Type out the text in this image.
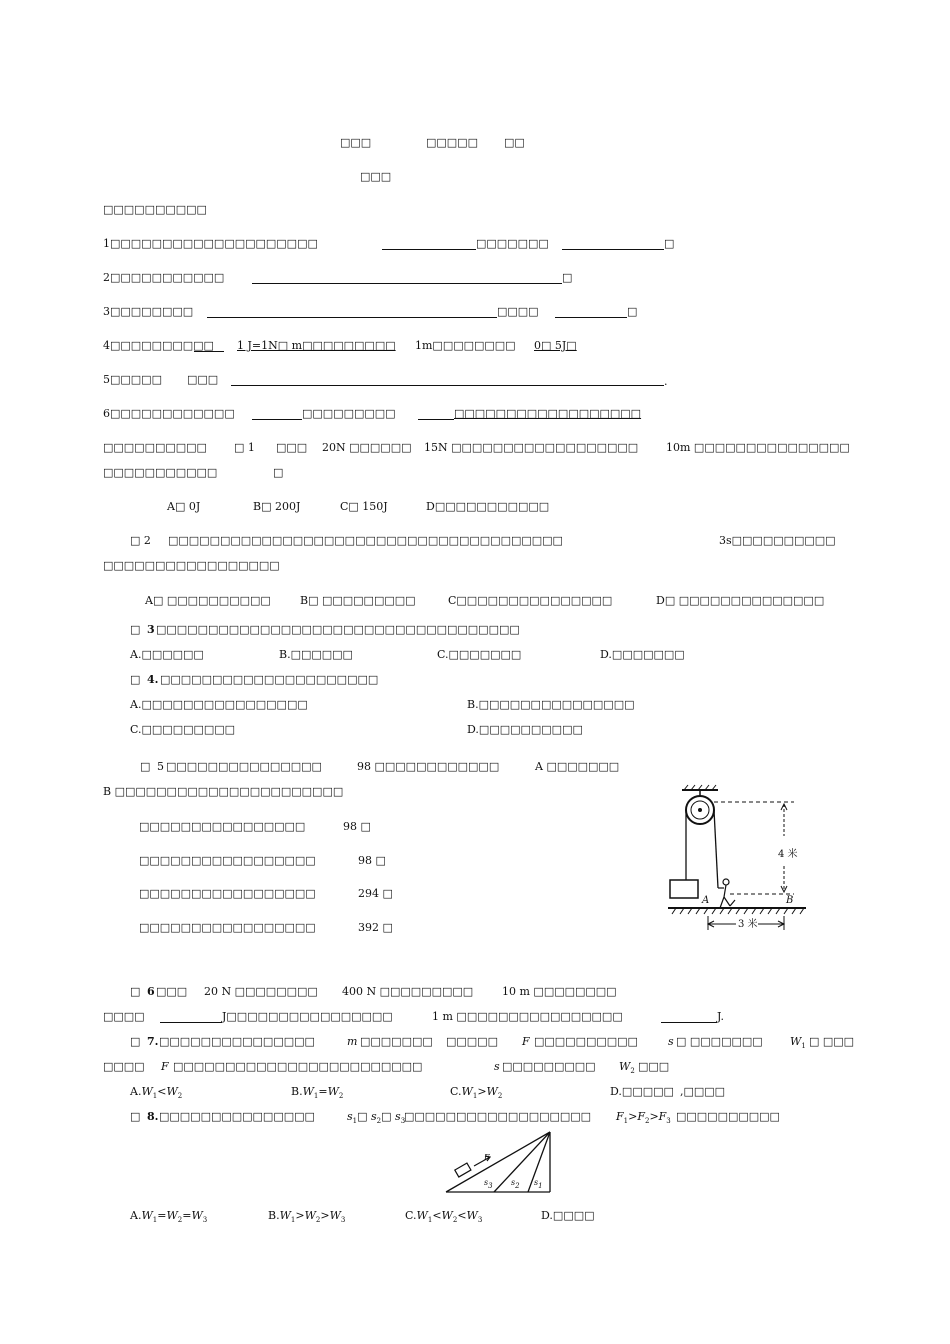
□□□	□□□□□ □□
□□□
□□□□□□□□□□
1□□□□□□□□□□□□□□□□□□□□	□□□□□□□	□
2□□□□□□□□□□□	□
3□□□□□□□□	□□□□	□
4□□□□□□□□□□ 1 J=1N□ m□□□□□□□□□ 1m□□□□□□□□ 0□ 5J□
5□□□□□ □□□	.
6□□□□□□□□□□□□	□□□□□□□□□	□□□□□□□□□□□□□□□□□□
□□□□□□□□□□ □ 1 □□□ 20N □□□□□□ 15N □□□□□□□□□□□□□□□□□□	10m □□□□□□□□□□□□□□□
□□□□□□□□□□□	□
A□ 0J	B□ 200J	C□ 150J	D□□□□□□□□□□□
□ 2 □□□□□□□□□□□□□□□□□□□□□□□□□□□□□□□□□□□□□□	3s□□□□□□□□□□
□□□□□□□□□□□□□□□□□
A□ □□□□□□□□□□	B□ □□□□□□□□□	C□□□□□□□□□□□□□□□	D□ □□□□□□□□□□□□□□
□ 3 □□□□□□□□□□□□□□□□□□□□□□□□□□□□□□□□□□□
A.□□□□□□	B.□□□□□□	C.□□□□□□□	D.□□□□□□□
□ 4. □□□□□□□□□□□□□□□□□□□□□
A.□□□□□□□□□□□□□□□□	B.□□□□□□□□□□□□□□□
C.□□□□□□□□□	D.□□□□□□□□□□
□ 5 □□□□□□□□□□□□□□□	98 □□□□□□□□□□□□	A □□□□□□□
B □□□□□□□□□□□□□□□□□□□□□□
□□□□□□□□□□□□□□□□	98 □
□□□□□□□□□□□□□□□□□	98 □
□□□□□□□□□□□□□□□□□	294 □
□□□□□□□□□□□□□□□□□	392 □
4 米
A	B
3 米
□ 6 □□□ 20 N □□□□□□□□ 400 N □□□□□□□□□	10 m □□□□□□□□
□□□□	J□□□□□□□□□□□□□□□□	1 m □□□□□□□□□□□□□□□□	J.
□ 7. □□□□□□□□□□□□□□□	m □□□□□□□ □□□□□ F □□□□□□□□□□	s □ □□□□□□□ $W_1$ □ □□□
□□□□ F □□□□□□□□□□□□□□□□□□□□□□□□	s □□□□□□□□□ $W_2$ □□□
$A.W_1<W_2$	$B.W_1=W_2$	$C.W_1>W_2$	D.□□□□□ ,□□□□
□ 8. □□□□□□□□□□□□□□□	$s_1□$ $s_2□$ $s_3$
□□□□□□□□□□□□□□□□□□ $F_1>F_2>F_3$ □□□□□□□□□□
F
$s_3$ $s_2$ $s_1$
$A.W_1=W_2=W_3$	$B.W_1>W_2>W_3$	$C.W_1<W_2<W_3$	D.□□□□
